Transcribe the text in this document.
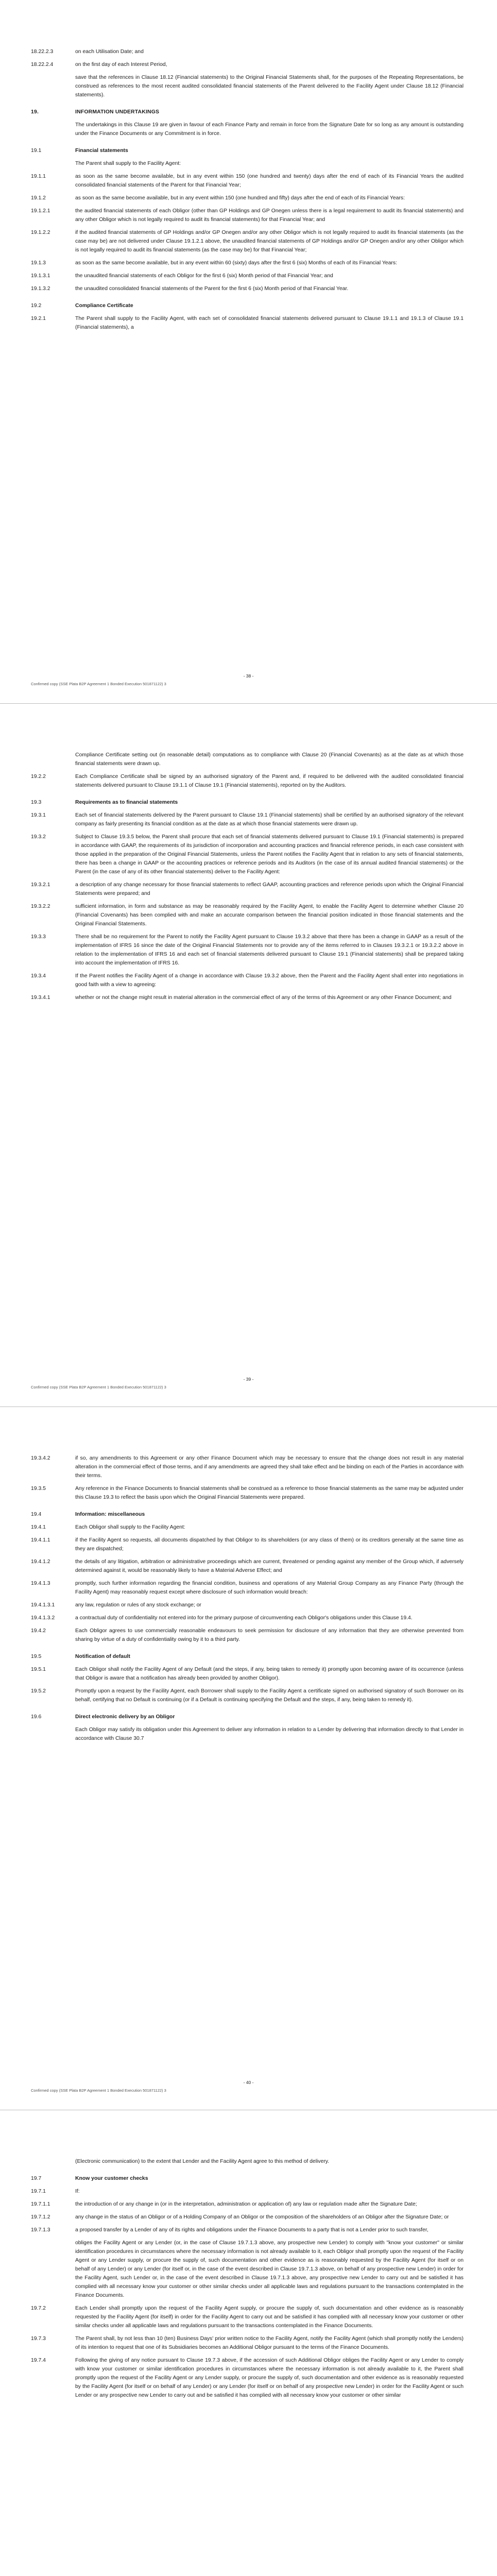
18.22.2.3	on each Utilisation Date; and
18.22.2.4	on the first day of each Interest Period,
save that the references in Clause 18.12 (Financial statements) to the Original Financial Statements shall, for the purposes of the Repeating Representations, be construed as references to the most recent audited consolidated financial statements of the Parent delivered to the Facility Agent under Clause 18.12 (Financial statements).
19.	INFORMATION UNDERTAKINGS
The undertakings in this Clause 19 are given in favour of each Finance Party and remain in force from the Signature Date for so long as any amount is outstanding under the Finance Documents or any Commitment is in force.
19.1	Financial statements
The Parent shall supply to the Facility Agent:
19.1.1	as soon as the same become available, but in any event within 150 (one hundred and twenty) days after the end of each of its Financial Years the audited consolidated financial statements of the Parent for that Financial Year;
19.1.2	as soon as the same become available, but in any event within 150 (one hundred and fifty) days after the end of each of its Financial Years:
19.1.2.1	the audited financial statements of each Obligor (other than GP Holdings and GP Onegen unless there is a legal requirement to audit its financial statements) and any other Obligor which is not legally required to audit its financial statements) for that Financial Year; and
19.1.2.2	if the audited financial statements of GP Holdings and/or GP Onegen and/or any other Obligor which is not legally required to audit its financial statements (as the case may be) are not delivered under Clause 19.1.2.1 above, the unaudited financial statements of GP Holdings and/or GP Onegen and/or any other Obligor which is not legally required to audit its financial statements (as the case may be) for that Financial Year;
19.1.3	as soon as the same become available, but in any event within 60 (sixty) days after the first 6 (six) Months of each of its Financial Years:
19.1.3.1	the unaudited financial statements of each Obligor for the first 6 (six) Month period of that Financial Year; and
19.1.3.2	the unaudited consolidated financial statements of the Parent for the first 6 (six) Month period of that Financial Year.
19.2	Compliance Certificate
19.2.1	The Parent shall supply to the Facility Agent, with each set of consolidated financial statements delivered pursuant to Clause 19.1.1 and 19.1.3 of Clause 19.1 (Financial statements), a
- 38 -
Confirmed copy (SSE Plata B2P Agreement 1 Bonded Execution 501871122) 3
Compliance Certificate setting out (in reasonable detail) computations as to compliance with Clause 20 (Financial Covenants) as at the date as at which those financial statements were drawn up.
19.2.2	Each Compliance Certificate shall be signed by an authorised signatory of the Parent and, if required to be delivered with the audited consolidated financial statements delivered pursuant to Clause 19.1.1 of Clause 19.1 (Financial statements), reported on by the Auditors.
19.3	Requirements as to financial statements
19.3.1	Each set of financial statements delivered by the Parent pursuant to Clause 19.1 (Financial statements) shall be certified by an authorised signatory of the relevant company as fairly presenting its financial condition as at the date as at which those financial statements were drawn up.
19.3.2	Subject to Clause 19.3.5 below, the Parent shall procure that each set of financial statements delivered pursuant to Clause 19.1 (Financial statements) is prepared in accordance with GAAP, the requirements of its jurisdiction of incorporation and accounting practices and financial reference periods, in each case consistent with those applied in the preparation of the Original Financial Statements, unless the Parent notifies the Facility Agent that in relation to any sets of financial statements, there has been a change in GAAP or the accounting practices or reference periods and its Auditors (in the case of its annual audited financial statements) or the Parent (in the case of any of its other financial statements) deliver to the Facility Agent:
19.3.2.1	a description of any change necessary for those financial statements to reflect GAAP, accounting practices and reference periods upon which the Original Financial Statements were prepared; and
19.3.2.2	sufficient information, in form and substance as may be reasonably required by the Facility Agent, to enable the Facility Agent to determine whether Clause 20 (Financial Covenants) has been complied with and make an accurate comparison between the financial position indicated in those financial statements and the Original Financial Statements.
19.3.3	There shall be no requirement for the Parent to notify the Facility Agent pursuant to Clause 19.3.2 above that there has been a change in GAAP as a result of the implementation of IFRS 16 since the date of the Original Financial Statements nor to provide any of the items referred to in Clauses 19.3.2.1 or 19.3.2.2 above in relation to the implementation of IFRS 16 and each set of financial statements delivered pursuant to Clause 19.1 (Financial statements) shall be prepared taking into account the implementation of IFRS 16.
19.3.4	If the Parent notifies the Facility Agent of a change in accordance with Clause 19.3.2 above, then the Parent and the Facility Agent shall enter into negotiations in good faith with a view to agreeing:
19.3.4.1	whether or not the change might result in material alteration in the commercial effect of any of the terms of this Agreement or any other Finance Document; and
- 39 -
Confirmed copy (SSE Plata B2P Agreement 1 Bonded Execution 501871122) 3
19.3.4.2	if so, any amendments to this Agreement or any other Finance Document which may be necessary to ensure that the change does not result in any material alteration in the commercial effect of those terms, and if any amendments are agreed they shall take effect and be binding on each of the Parties in accordance with their terms.
19.3.5	Any reference in the Finance Documents to financial statements shall be construed as a reference to those financial statements as the same may be adjusted under this Clause 19.3 to reflect the basis upon which the Original Financial Statements were prepared.
19.4	Information: miscellaneous
19.4.1	Each Obligor shall supply to the Facility Agent:
19.4.1.1	if the Facility Agent so requests, all documents dispatched by that Obligor to its shareholders (or any class of them) or its creditors generally at the same time as they are dispatched;
19.4.1.2	the details of any litigation, arbitration or administrative proceedings which are current, threatened or pending against any member of the Group which, if adversely determined against it, would be reasonably likely to have a Material Adverse Effect; and
19.4.1.3	promptly, such further information regarding the financial condition, business and operations of any Material Group Company as any Finance Party (through the Facility Agent) may reasonably request except where disclosure of such information would breach:
19.4.1.3.1	any law, regulation or rules of any stock exchange; or
19.4.1.3.2	a contractual duty of confidentiality not entered into for the primary purpose of circumventing each Obligor's obligations under this Clause 19.4.
19.4.2	Each Obligor agrees to use commercially reasonable endeavours to seek permission for disclosure of any information that they are otherwise prevented from sharing by virtue of a duty of confidentiality owing by it to a third party.
19.5	Notification of default
19.5.1	Each Obligor shall notify the Facility Agent of any Default (and the steps, if any, being taken to remedy it) promptly upon becoming aware of its occurrence (unless that Obligor is aware that a notification has already been provided by another Obligor).
19.5.2	Promptly upon a request by the Facility Agent, each Borrower shall supply to the Facility Agent a certificate signed on authorised signatory of such Borrower on its behalf, certifying that no Default is continuing (or if a Default is continuing specifying the Default and the steps, if any, being taken to remedy it).
19.6	Direct electronic delivery by an Obligor
Each Obligor may satisfy its obligation under this Agreement to deliver any information in relation to a Lender by delivering that information directly to that Lender in accordance with Clause 30.7
- 40 -
Confirmed copy (SSE Plata B2P Agreement 1 Bonded Execution 501871122) 3
(Electronic communication) to the extent that Lender and the Facility Agent agree to this method of delivery.
19.7	Know your customer checks
19.7.1	If:
19.7.1.1	the introduction of or any change in (or in the interpretation, administration or application of) any law or regulation made after the Signature Date;
19.7.1.2	any change in the status of an Obligor or of a Holding Company of an Obligor or the composition of the shareholders of an Obligor after the Signature Date; or
19.7.1.3	a proposed transfer by a Lender of any of its rights and obligations under the Finance Documents to a party that is not a Lender prior to such transfer,
obliges the Facility Agent or any Lender (or, in the case of Clause 19.7.1.3 above, any prospective new Lender) to comply with "know your customer" or similar identification procedures in circumstances where the necessary information is not already available to it, each Obligor shall promptly upon the request of the Facility Agent or any Lender supply, or procure the supply of, such documentation and other evidence as is reasonably requested by the Facility Agent (for itself or on behalf of any Lender) or any Lender (for itself or, in the case of the event described in Clause 19.7.1.3 above, on behalf of any prospective new Lender) in order for the Facility Agent, such Lender or, in the case of the event described in Clause 19.7.1.3 above, any prospective new Lender to carry out and be satisfied it has complied with all necessary know your customer or other similar checks under all applicable laws and regulations pursuant to the transactions contemplated in the Finance Documents.
19.7.2	Each Lender shall promptly upon the request of the Facility Agent supply, or procure the supply of, such documentation and other evidence as is reasonably requested by the Facility Agent (for itself) in order for the Facility Agent to carry out and be satisfied it has complied with all necessary know your customer or other similar checks under all applicable laws and regulations pursuant to the transactions contemplated in the Finance Documents.
19.7.3	The Parent shall, by not less than 10 (ten) Business Days' prior written notice to the Facility Agent, notify the Facility Agent (which shall promptly notify the Lenders) of its intention to request that one of its Subsidiaries becomes an Additional Obligor pursuant to the terms of the Finance Documents.
19.7.4	Following the giving of any notice pursuant to Clause 19.7.3 above, if the accession of such Additional Obligor obliges the Facility Agent or any Lender to comply with know your customer or similar identification procedures in circumstances where the necessary information is not already available to it, the Parent shall promptly upon the request of the Facility Agent or any Lender supply, or procure the supply of, such documentation and other evidence as is reasonably requested by the Facility Agent (for itself or on behalf of any Lender) or any Lender (for itself or on behalf of any prospective new Lender) in order for the Facility Agent or such Lender or any prospective new Lender to carry out and be satisfied it has complied with all necessary know your customer or other similar
